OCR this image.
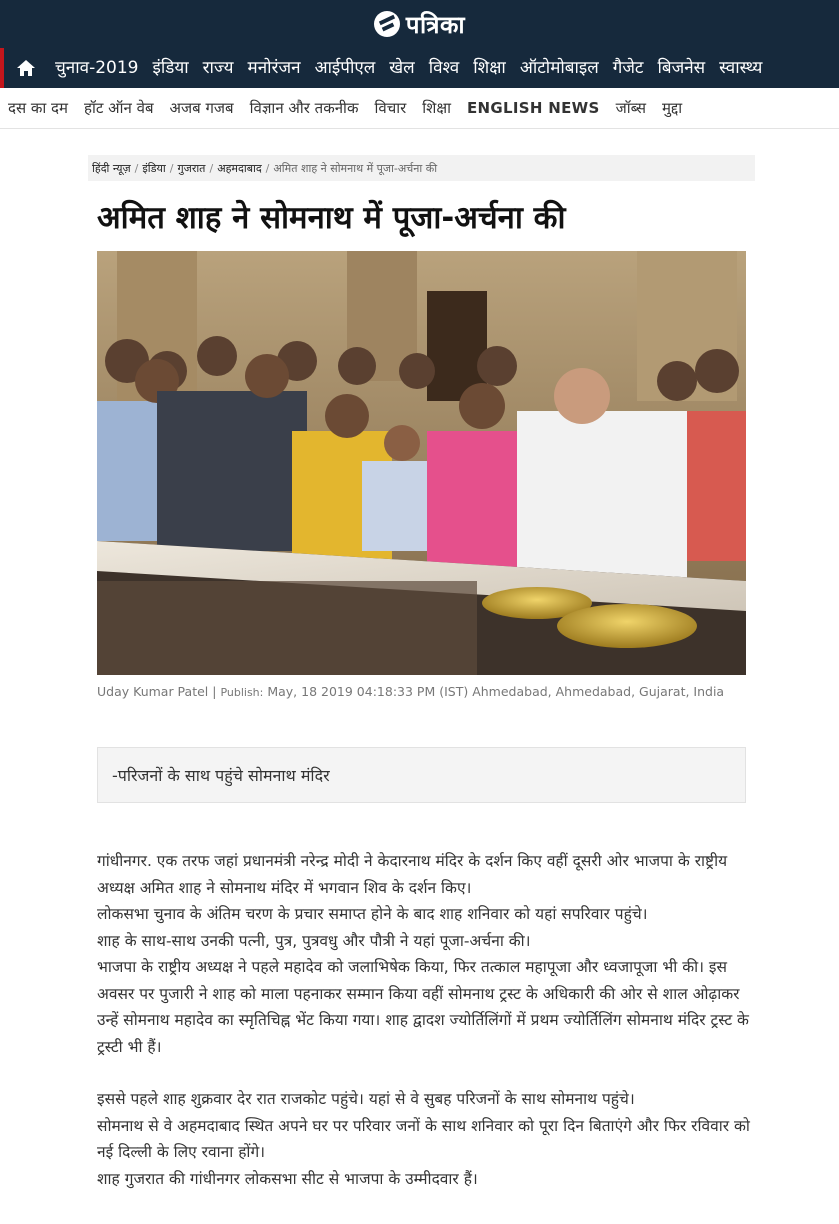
पत्रिका
चुनाव-2019 इंडिया राज्य मनोरंजन आईपीएल खेल विश्व शिक्षा ऑटोमोबाइल गैजेट बिजनेस स्वास्थ्य
दस का दम	हॉट ऑन वेब	अजब गजब	विज्ञान और तकनीक	विचार	शिक्षा	ENGLISH NEWS	जॉब्स	मुद्दा
हिंदी न्यूज़ / इंडिया / गुजरात / अहमदाबाद / अमित शाह ने सोमनाथ में पूजा-अर्चना की
अमित शाह ने सोमनाथ में पूजा-अर्चना की
Uday Kumar Patel | Publish: May, 18 2019 04:18:33 PM (IST) Ahmedabad, Ahmedabad, Gujarat, India
-परिजनों के साथ पहुंचे सोमनाथ मंदिर

गांधीनगर. एक तरफ जहां प्रधानमंत्री नरेन्द्र मोदी ने केदारनाथ मंदिर के दर्शन किए वहीं दूसरी ओर भाजपा के राष्ट्रीय अध्यक्ष अमित शाह ने सोमनाथ मंदिर में भगवान शिव के दर्शन किए।

लोकसभा चुनाव के अंतिम चरण के प्रचार समाप्त होने के बाद शाह शनिवार को यहां सपरिवार पहुंचे।

शाह के साथ-साथ उनकी पत्नी, पुत्र, पुत्रवधु और पौत्री ने यहां पूजा-अर्चना की।

भाजपा के राष्ट्रीय अध्यक्ष ने पहले महादेव को जलाभिषेक किया, फिर तत्काल महापूजा और ध्वजापूजा भी की। इस अवसर पर पुजारी ने शाह को माला पहनाकर सम्मान किया वहीं सोमनाथ ट्रस्ट के अधिकारी की ओर से शाल ओढ़ाकर उन्हें सोमनाथ महादेव का स्मृतिचिह्न भेंट किया गया। शाह द्वादश ज्योर्तिलिंगों में प्रथम ज्योर्तिलिंग सोमनाथ मंदिर ट्रस्ट के ट्रस्टी भी हैं।

इससे पहले शाह शुक्रवार देर रात राजकोट पहुंचे। यहां से वे सुबह परिजनों के साथ सोमनाथ पहुंचे।

सोमनाथ से वे अहमदाबाद स्थित अपने घर पर परिवार जनों के साथ शनिवार को पूरा दिन बिताएंगे और फिर रविवार को नई दिल्ली के लिए रवाना होंगे।

शाह गुजरात की गांधीनगर लोकसभा सीट से भाजपा के उम्मीदवार हैं।
